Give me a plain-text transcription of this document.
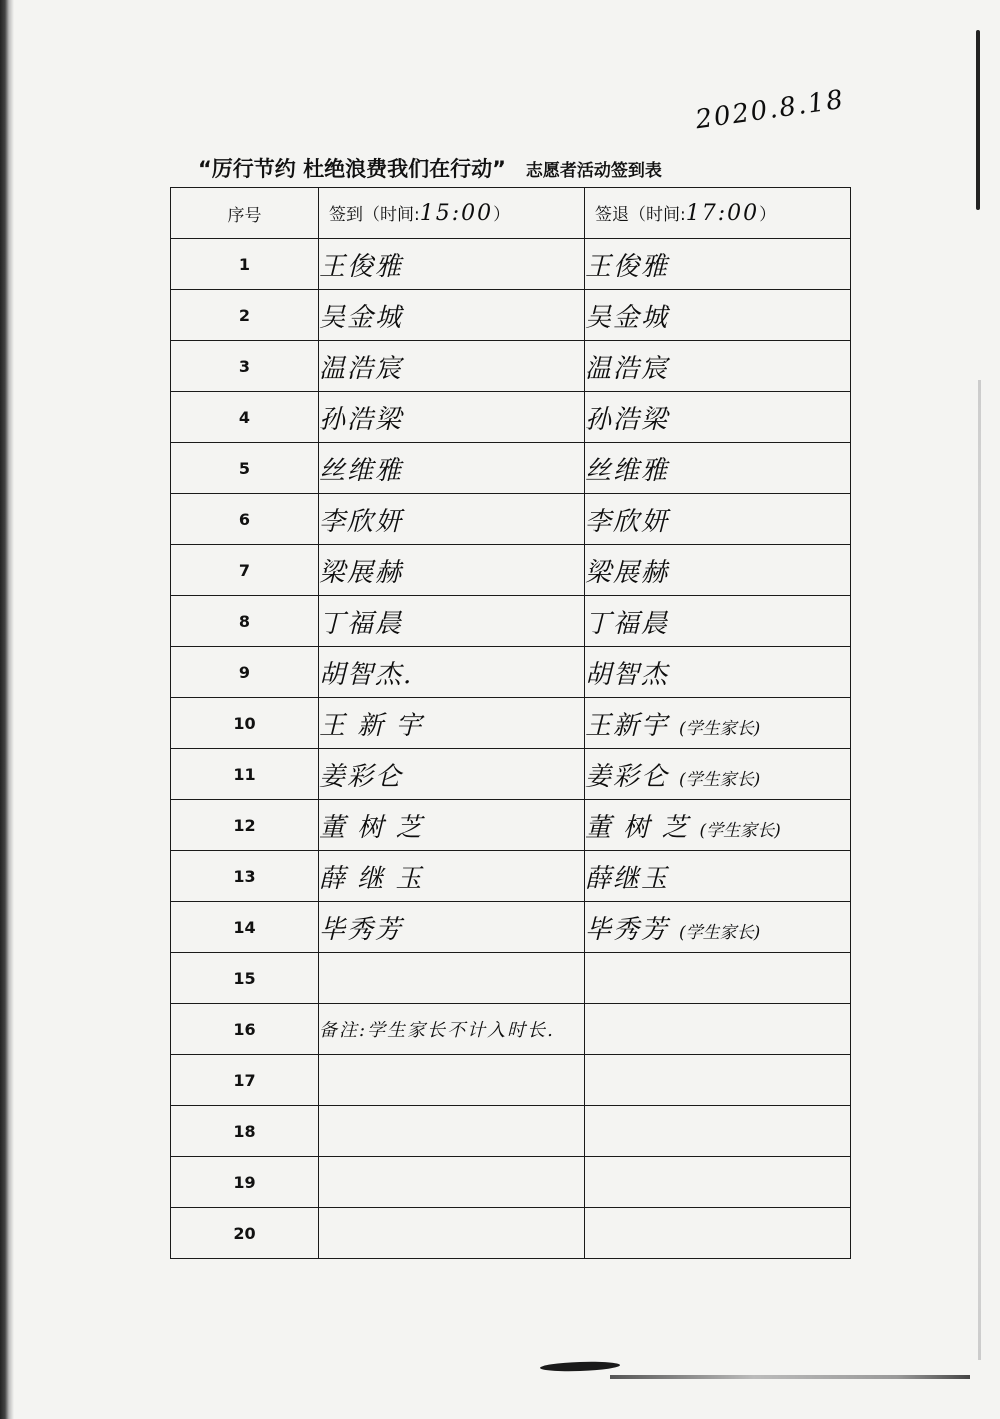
2020.8.18
“厉行节约 杜绝浪费我们在行动” 志愿者活动签到表
序号	签到（时间:15:00）	签退（时间:17:00）
1	王俊雅	王俊雅
2	吴金城	吴金城
3	温浩宸	温浩宸
4	孙浩梁	孙浩梁
5	丝维雅	丝维雅
6	李欣妍	李欣妍
7	梁展赫	梁展赫
8	丁福晨	丁福晨
9	胡智杰.	胡智杰
10	王 新 宇	王新宇 (学生家长)
11	姜彩仑	姜彩仑 (学生家长)
12	董 树 芝	董 树 芝 (学生家长)
13	薛 继 玉	薛继玉
14	毕秀芳	毕秀芳 (学生家长)
15		
16	备注:学生家长不计入时长.	
17		
18		
19		
20		
